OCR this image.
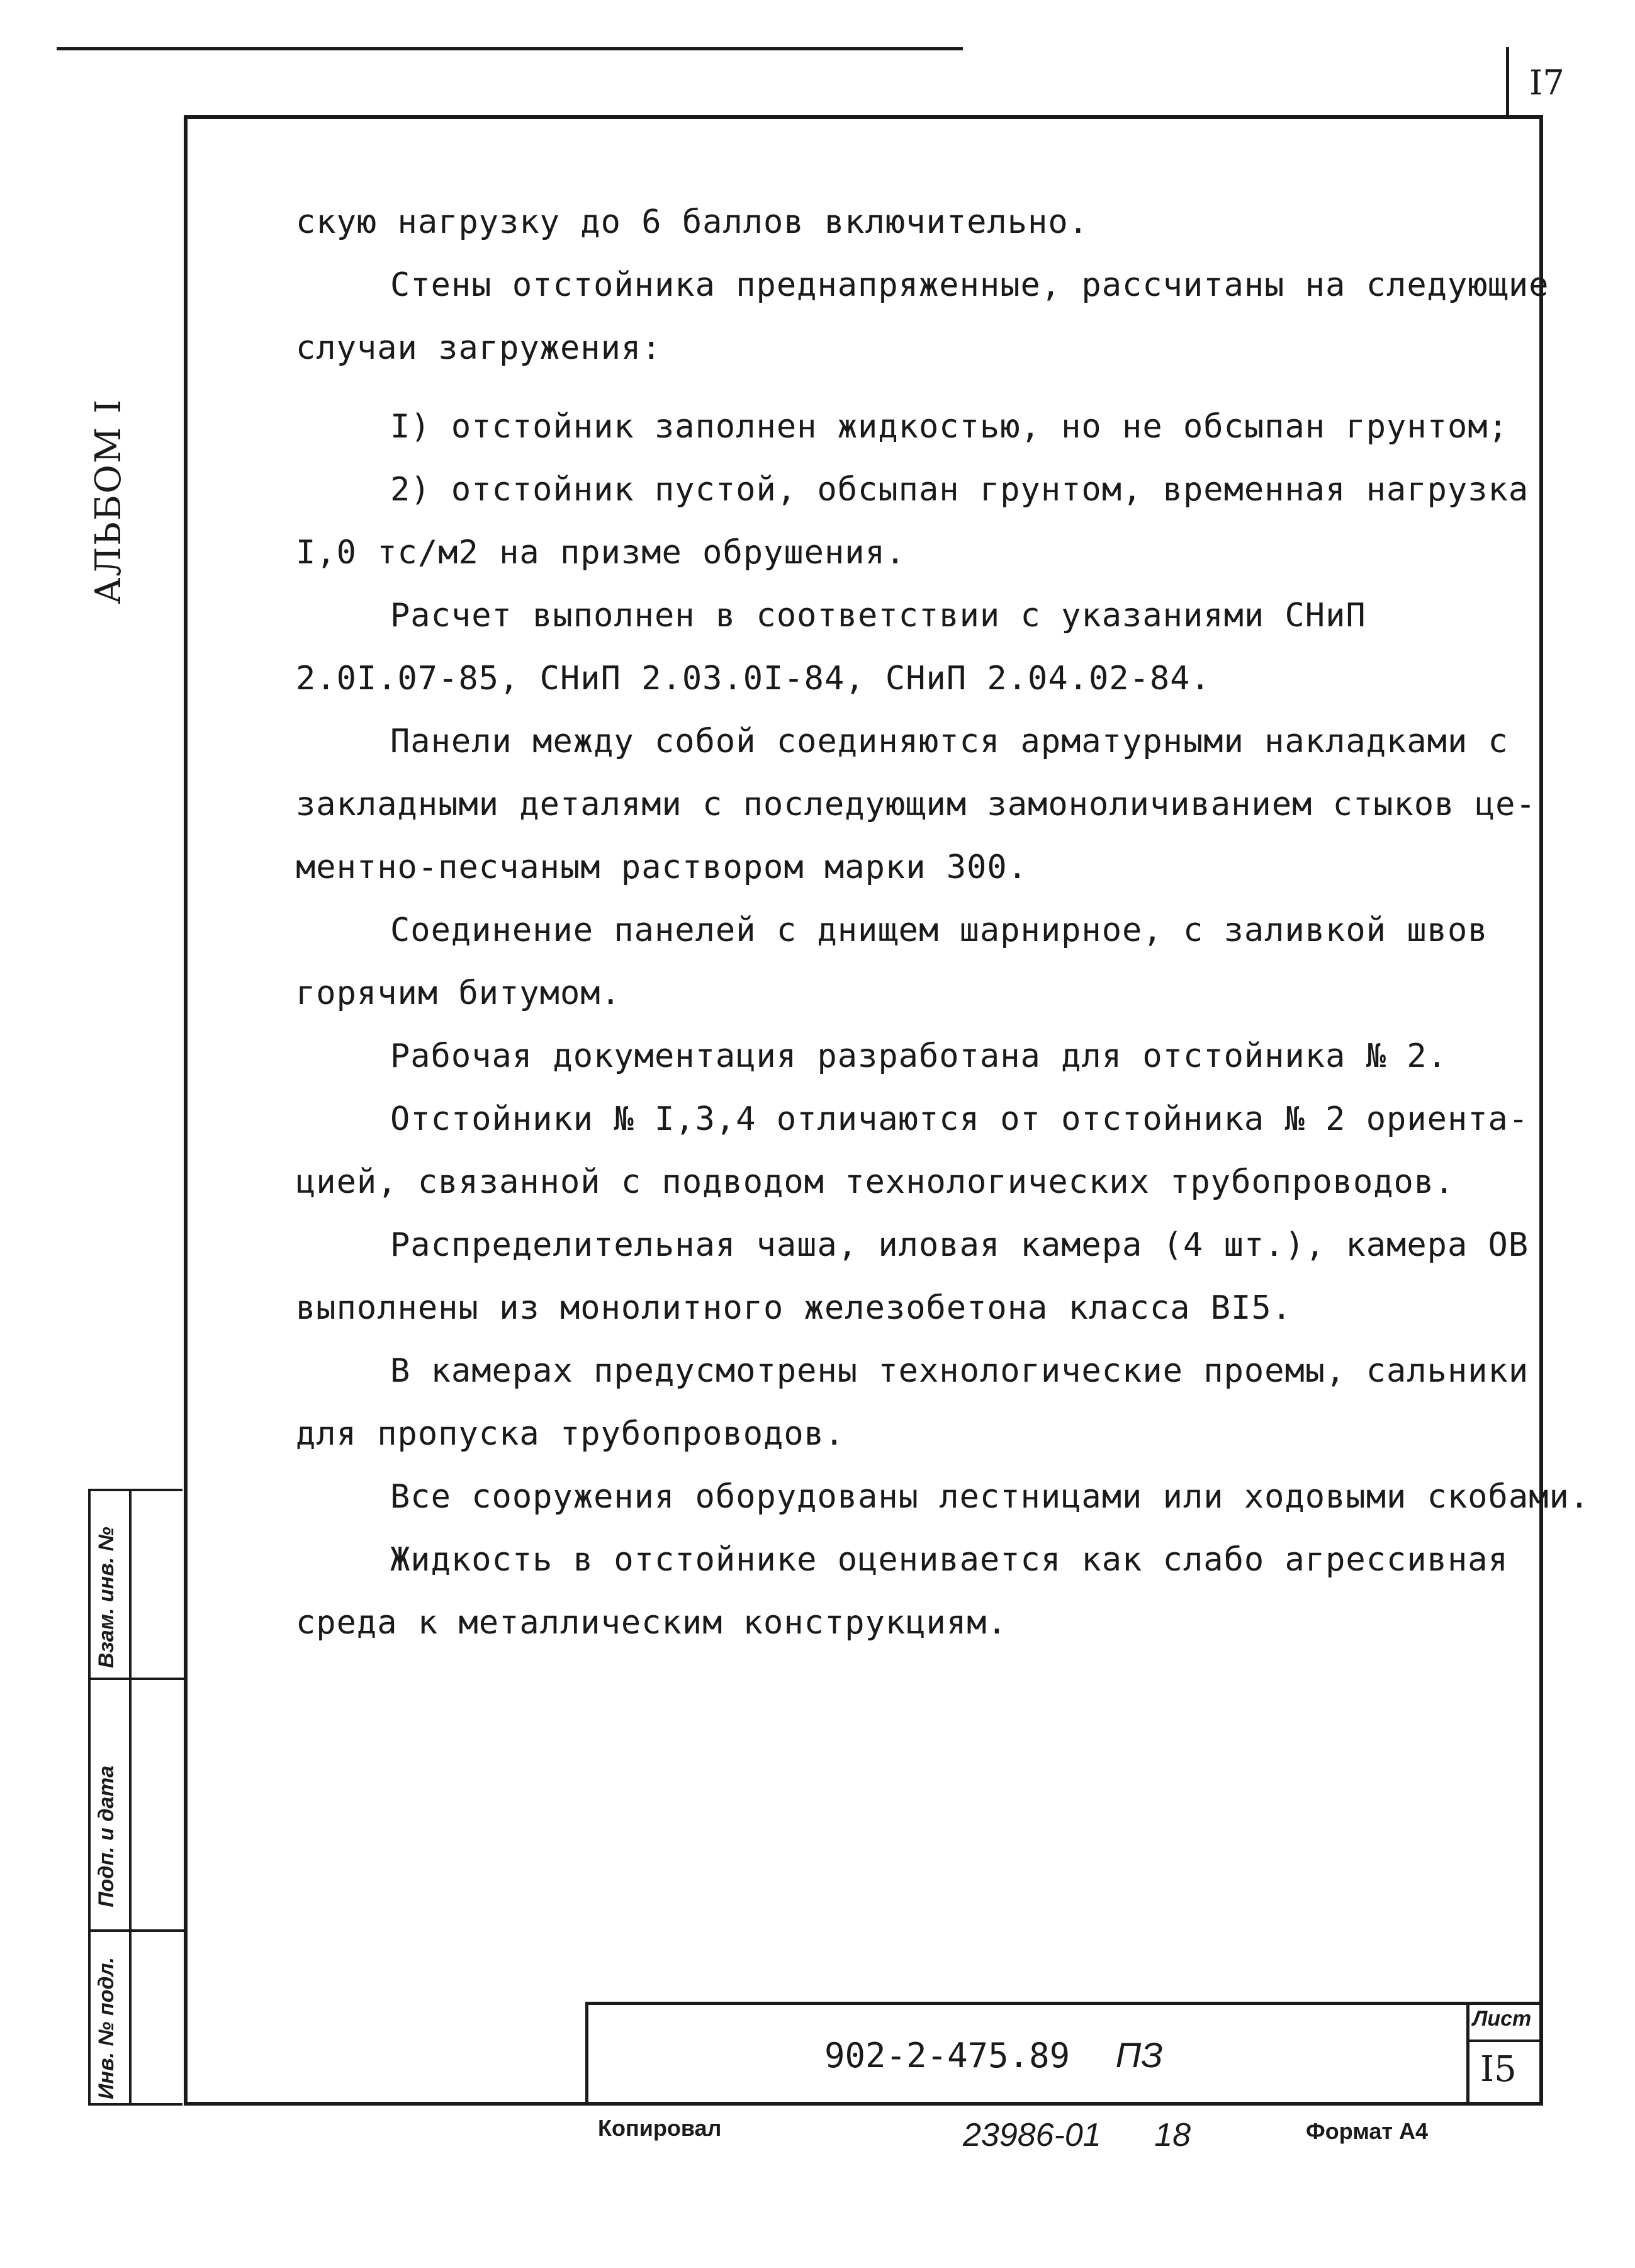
I7
АЛЬБОМ I
скую нагрузку до 6 баллов включительно.
Стены отстойника преднапряженные, рассчитаны на следующие
случаи загружения:
I) отстойник заполнен жидкостью, но не обсыпан грунтом;
2) отстойник пустой, обсыпан грунтом, временная нагрузка
I,0 тс/м2 на призме обрушения.
Расчет выполнен в соответствии с указаниями СНиП
2.0I.07-85, СНиП 2.03.0I-84, СНиП 2.04.02-84.
Панели между собой соединяются арматурными накладками с
закладными деталями с последующим замоноличиванием стыков це-
ментно-песчаным раствором марки 300.
Соединение панелей с днищем шарнирное, с заливкой швов
горячим битумом.
Рабочая документация разработана для отстойника № 2.
Отстойники № I,3,4 отличаются от отстойника № 2 ориента-
цией, связанной с подводом технологических трубопроводов.
Распределительная чаша, иловая камера (4 шт.), камера ОВ
выполнены из монолитного железобетона класса ВI5.
В камерах предусмотрены технологические проемы, сальники
для пропуска трубопроводов.
Все сооружения оборудованы лестницами или ходовыми скобами.
Жидкость в отстойнике оценивается как слабо агрессивная
среда к металлическим конструкциям.
Взам. инв. №
Подп. и дата
Инв. № подл.	902-2-475.89 ПЗ
Лист
I5
Копировал	23986-01 18	Формат А4
